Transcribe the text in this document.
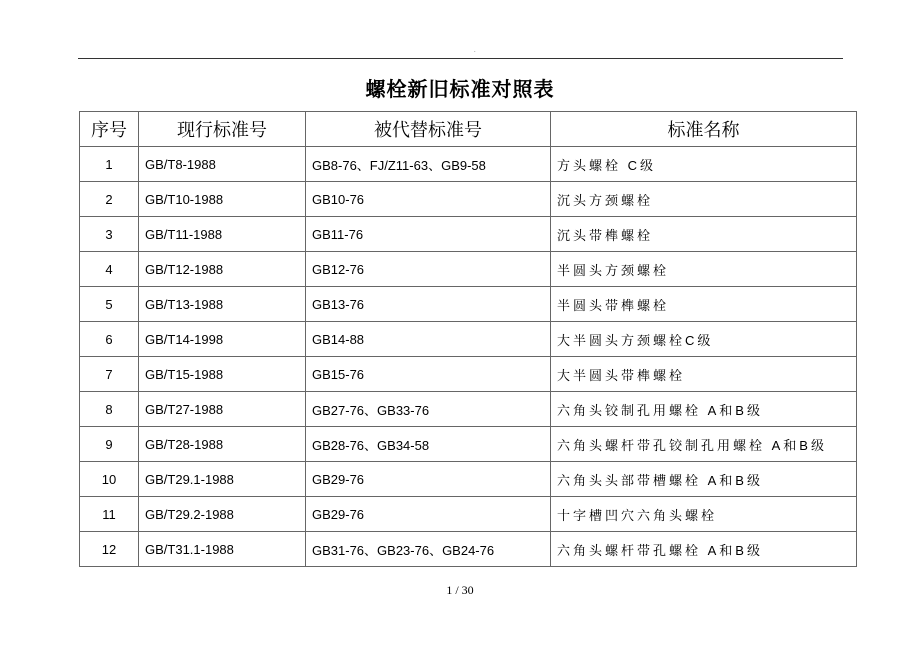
.
螺栓新旧标准对照表
序号	现行标准号	被代替标准号	标准名称
1	GB/T8-1988	GB8-76、FJ/Z11-63、GB9-58	方头螺栓 C级
2	GB/T10-1988	GB10-76	沉头方颈螺栓
3	GB/T11-1988	GB11-76	沉头带榫螺栓
4	GB/T12-1988	GB12-76	半圆头方颈螺栓
5	GB/T13-1988	GB13-76	半圆头带榫螺栓
6	GB/T14-1998	GB14-88	大半圆头方颈螺栓C级
7	GB/T15-1988	GB15-76	大半圆头带榫螺栓
8	GB/T27-1988	GB27-76、GB33-76	六角头铰制孔用螺栓 A和B级
9	GB/T28-1988	GB28-76、GB34-58	六角头螺杆带孔铰制孔用螺栓 A和B级
10	GB/T29.1-1988	GB29-76	六角头头部带槽螺栓 A和B级
11	GB/T29.2-1988	GB29-76	十字槽凹穴六角头螺栓
12	GB/T31.1-1988	GB31-76、GB23-76、GB24-76	六角头螺杆带孔螺栓 A和B级
1 / 30
